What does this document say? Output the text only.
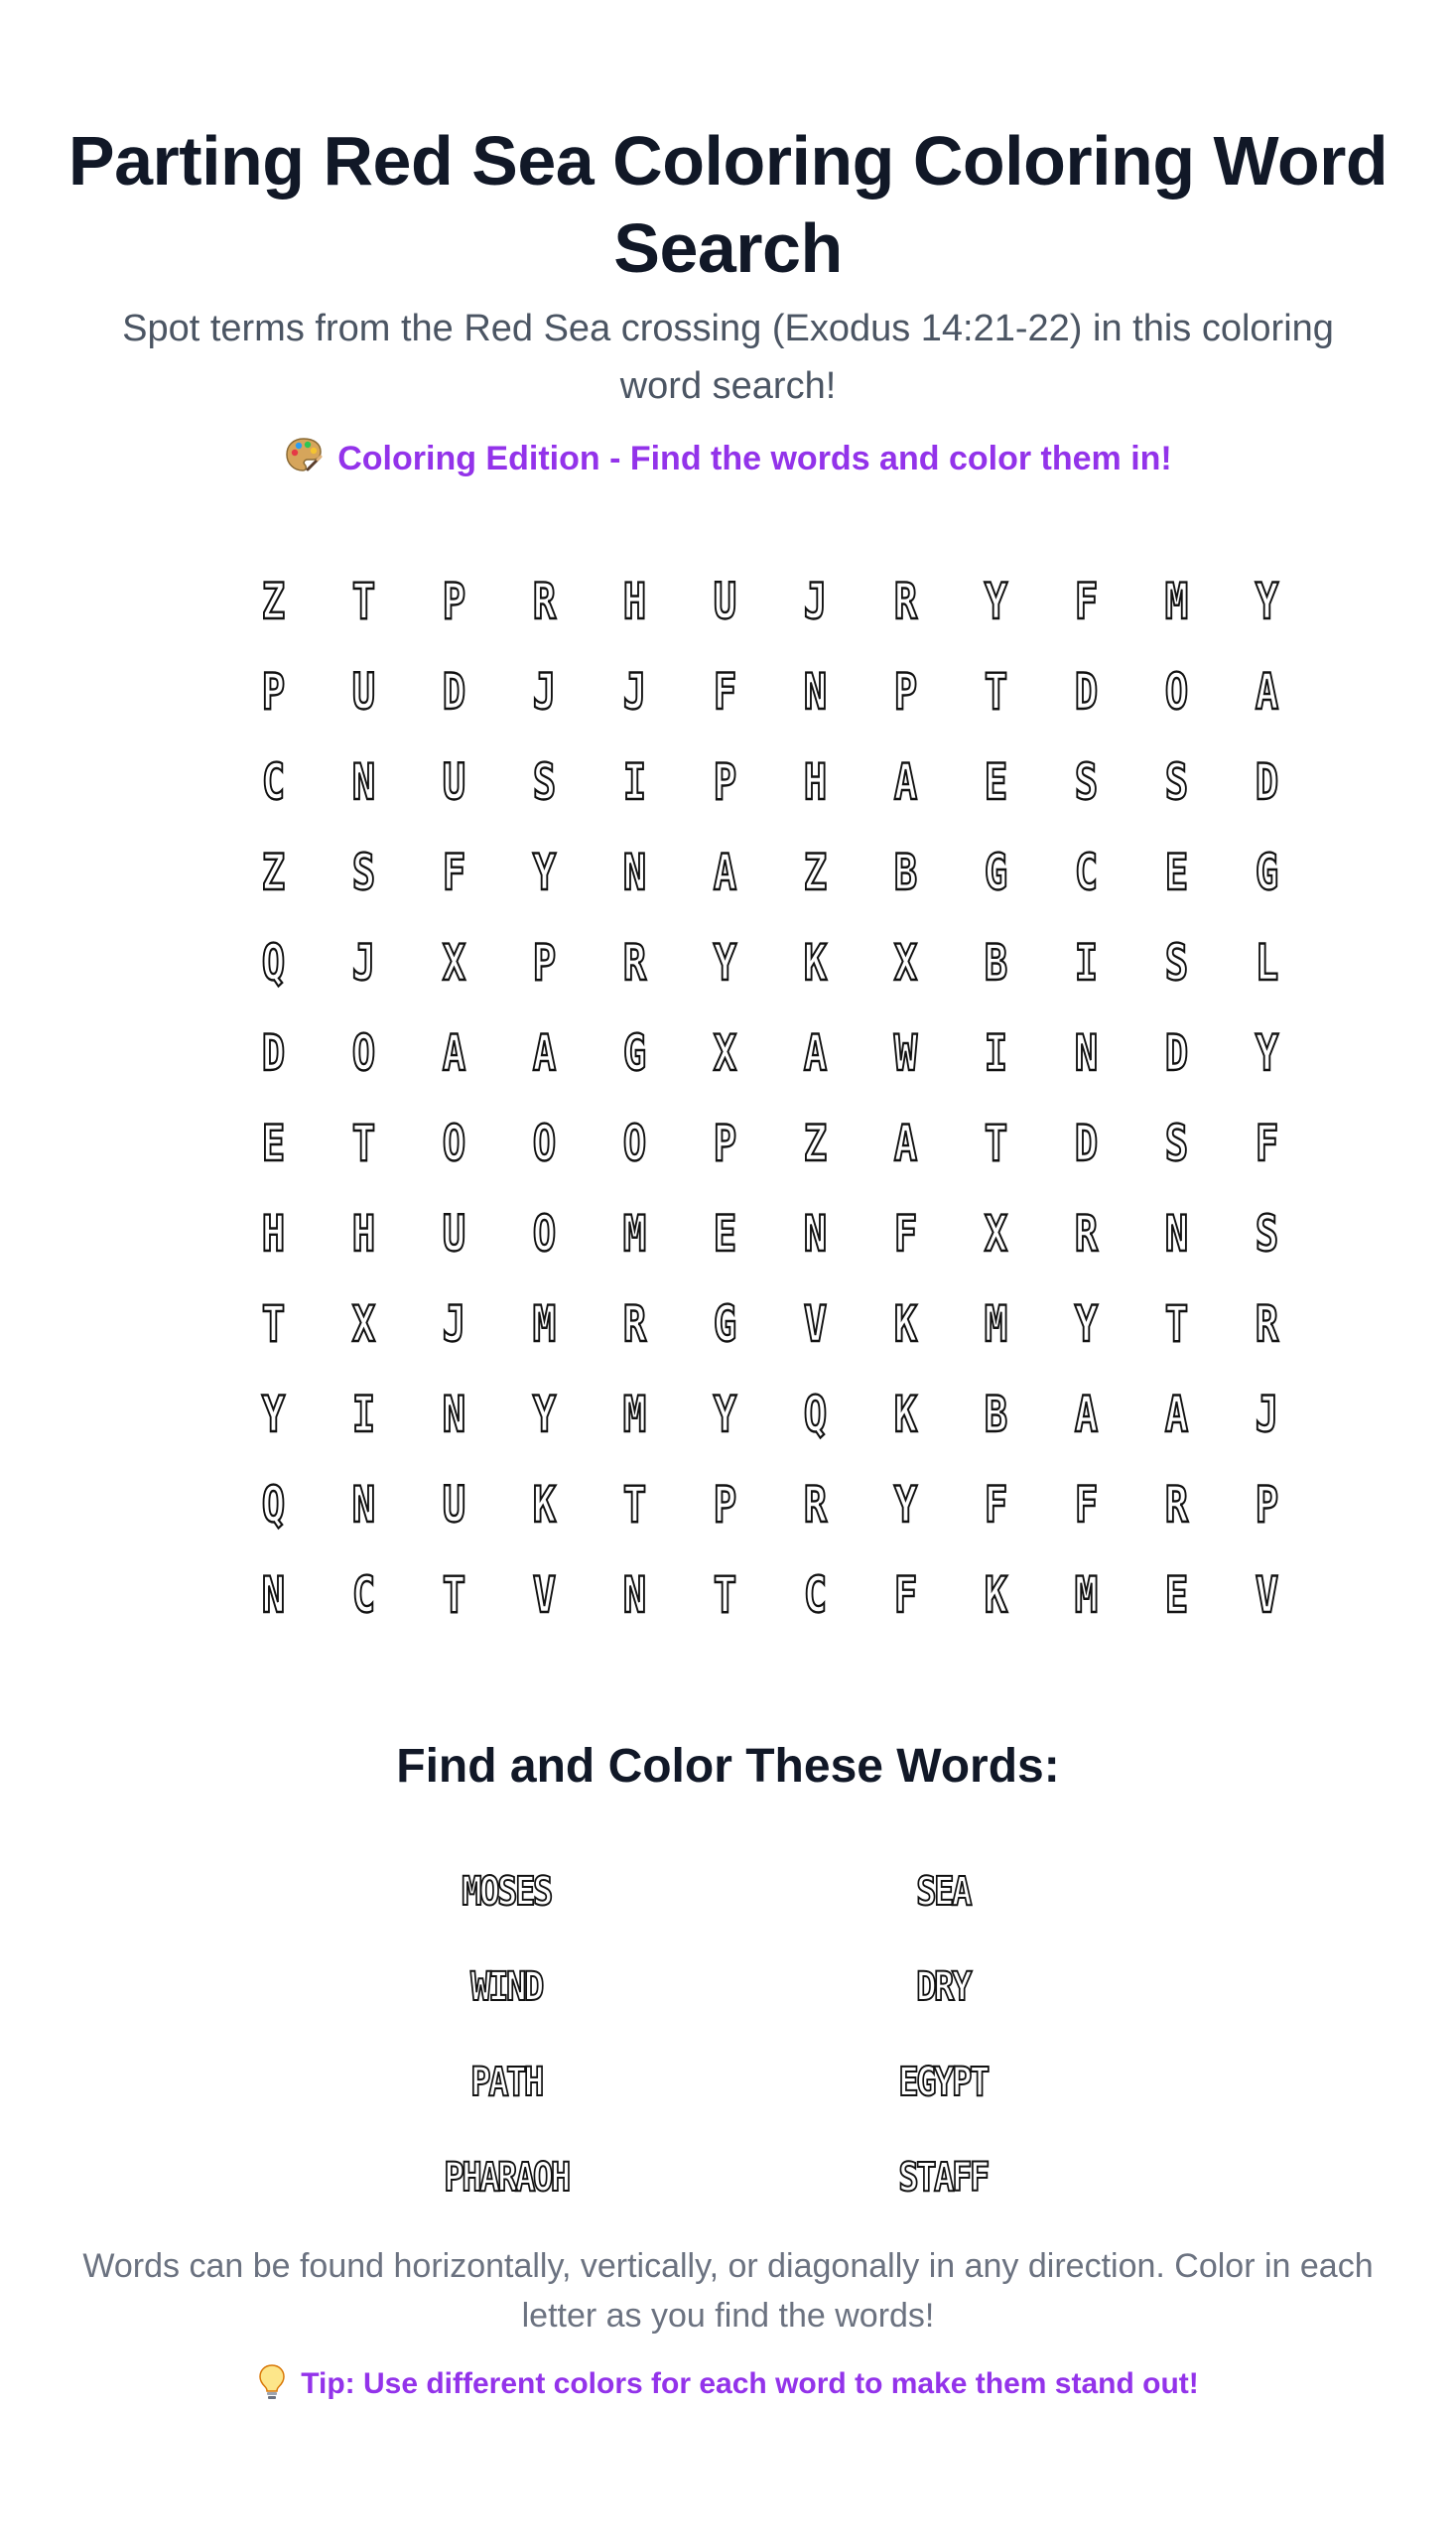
Parting Red Sea Coloring Coloring Word Search

Spot terms from the Red Sea crossing (Exodus 14:21-22) in this coloring word search!

Coloring Edition - Find the words and color them in!
Z	T	P	R	H	U	J	R	Y	F	M	Y
P	U	D	J	J	F	N	P	T	D	O	A
C	N	U	S	I	P	H	A	E	S	S	D
Z	S	F	Y	N	A	Z	B	G	C	E	G
Q	J	X	P	R	Y	K	X	B	I	S	L
D	O	A	A	G	X	A	W	I	N	D	Y
E	T	O	O	O	P	Z	A	T	D	S	F
H	H	U	O	M	E	N	F	X	R	N	S
T	X	J	M	R	G	V	K	M	Y	T	R
Y	I	N	Y	M	Y	Q	K	B	A	A	J
Q	N	U	K	T	P	R	Y	F	F	R	P
N	C	T	V	N	T	C	F	K	M	E	V
Find and Color These Words:
MOSES	SEA
WIND	DRY
PATH	EGYPT
PHARAOH	STAFF

Words can be found horizontally, vertically, or diagonally in any direction. Color in each letter as you find the words!

Tip: Use different colors for each word to make them stand out!
